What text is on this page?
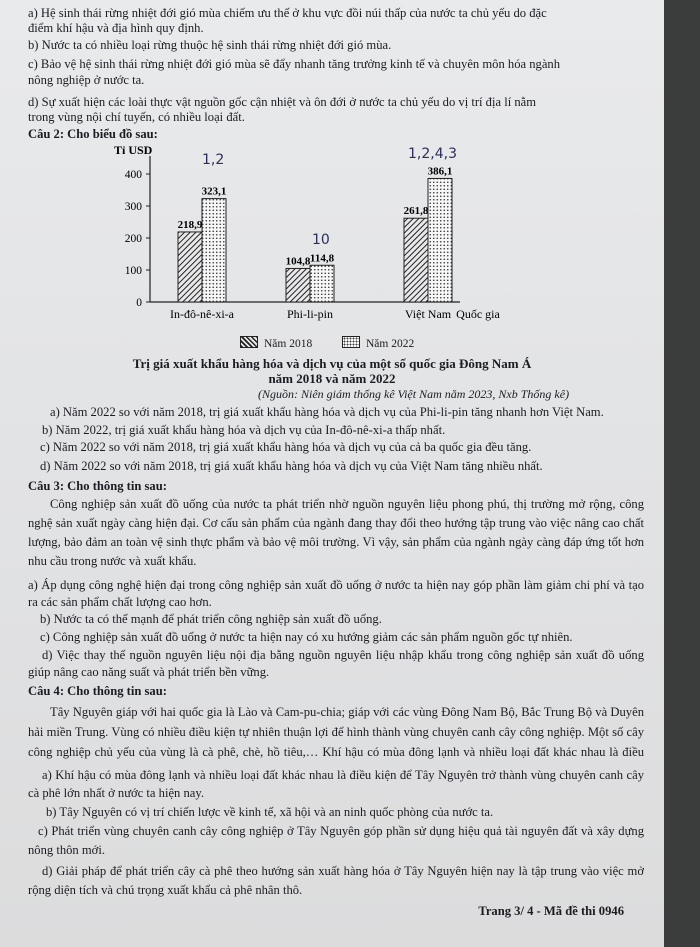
a) Hệ sinh thái rừng nhiệt đới gió mùa chiếm ưu thế ở khu vực đồi núi thấp của nước ta chủ yếu do đặc
điểm khí hậu và địa hình quy định.
b) Nước ta có nhiều loại rừng thuộc hệ sinh thái rừng nhiệt đới gió mùa.
c) Bảo vệ hệ sinh thái rừng nhiệt đới gió mùa sẽ đẩy nhanh tăng trưởng kinh tế và chuyên môn hóa ngành
nông nghiệp ở nước ta.
d) Sự xuất hiện các loài thực vật nguồn gốc cận nhiệt và ôn đới ở nước ta chủ yếu do vị trí địa lí nằm
trong vùng nội chí tuyến, có nhiều loại đất.
Câu 2: Cho biểu đồ sau:
Tỉ USD
0
100
200
300
400
218,9
323,1
In-đô-nê-xi-a
104,8 114,8
Phi-li-pin
261,8
386,1
Việt Nam Quốc gia
Năm 2018	Năm 2022
Trị giá xuất khẩu hàng hóa và dịch vụ của một số quốc gia Đông Nam Á
năm 2018 và năm 2022
(Nguồn: Niên giám thống kê Việt Nam năm 2023, Nxb Thống kê)
a) Năm 2022 so với năm 2018, trị giá xuất khẩu hàng hóa và dịch vụ của Phi-li-pin tăng nhanh hơn Việt Nam.
b) Năm 2022, trị giá xuất khẩu hàng hóa và dịch vụ của In-đô-nê-xi-a thấp nhất.
c) Năm 2022 so với năm 2018, trị giá xuất khẩu hàng hóa và dịch vụ của cả ba quốc gia đều tăng.
d) Năm 2022 so với năm 2018, trị giá xuất khẩu hàng hóa và dịch vụ của Việt Nam tăng nhiều nhất.
Câu 3: Cho thông tin sau:
Công nghiệp sản xuất đồ uống của nước ta phát triển nhờ nguồn nguyên liệu phong phú, thị trường mở rộng, công nghệ sản xuất ngày càng hiện đại. Cơ cấu sản phẩm của ngành đang thay đổi theo hướng tập trung vào việc nâng cao chất lượng, bảo đảm an toàn vệ sinh thực phẩm và bảo vệ môi trường. Vì vậy, sản phẩm của ngành ngày càng đáp ứng tốt hơn nhu cầu trong nước và xuất khẩu.
a) Áp dụng công nghệ hiện đại trong công nghiệp sản xuất đồ uống ở nước ta hiện nay góp phần làm giảm chi phí và tạo ra các sản phẩm chất lượng cao hơn.
b) Nước ta có thế mạnh để phát triển công nghiệp sản xuất đồ uống.
c) Công nghiệp sản xuất đồ uống ở nước ta hiện nay có xu hướng giảm các sản phẩm nguồn gốc tự nhiên.
d) Việc thay thế nguồn nguyên liệu nội địa bằng nguồn nguyên liệu nhập khẩu trong công nghiệp sản xuất đồ uống giúp nâng cao năng suất và phát triển bền vững.
Câu 4: Cho thông tin sau:
Tây Nguyên giáp với hai quốc gia là Lào và Cam-pu-chia; giáp với các vùng Đông Nam Bộ, Bắc Trung Bộ và Duyên hải miền Trung. Vùng có nhiều điều kiện tự nhiên thuận lợi để hình thành vùng chuyên canh cây công nghiệp. Một số cây công nghiệp chủ yếu của vùng là cà phê, chè, hồ tiêu,… Khí hậu có mùa đông lạnh và nhiều loại đất khác nhau là điều
a) Khí hậu có mùa đông lạnh và nhiều loại đất khác nhau là điều kiện để Tây Nguyên trở thành vùng chuyên canh cây cà phê lớn nhất ở nước ta hiện nay.
b) Tây Nguyên có vị trí chiến lược về kinh tế, xã hội và an ninh quốc phòng của nước ta.
c) Phát triển vùng chuyên canh cây công nghiệp ở Tây Nguyên góp phần sử dụng hiệu quả tài nguyên đất và xây dựng nông thôn mới.
d) Giải pháp để phát triển cây cà phê theo hướng sản xuất hàng hóa ở Tây Nguyên hiện nay là tập trung vào việc mở rộng diện tích và chú trọng xuất khẩu cả phê nhân thô.
Trang 3/ 4 - Mã đề thi 0946
1,2
10
1,2,4,3
